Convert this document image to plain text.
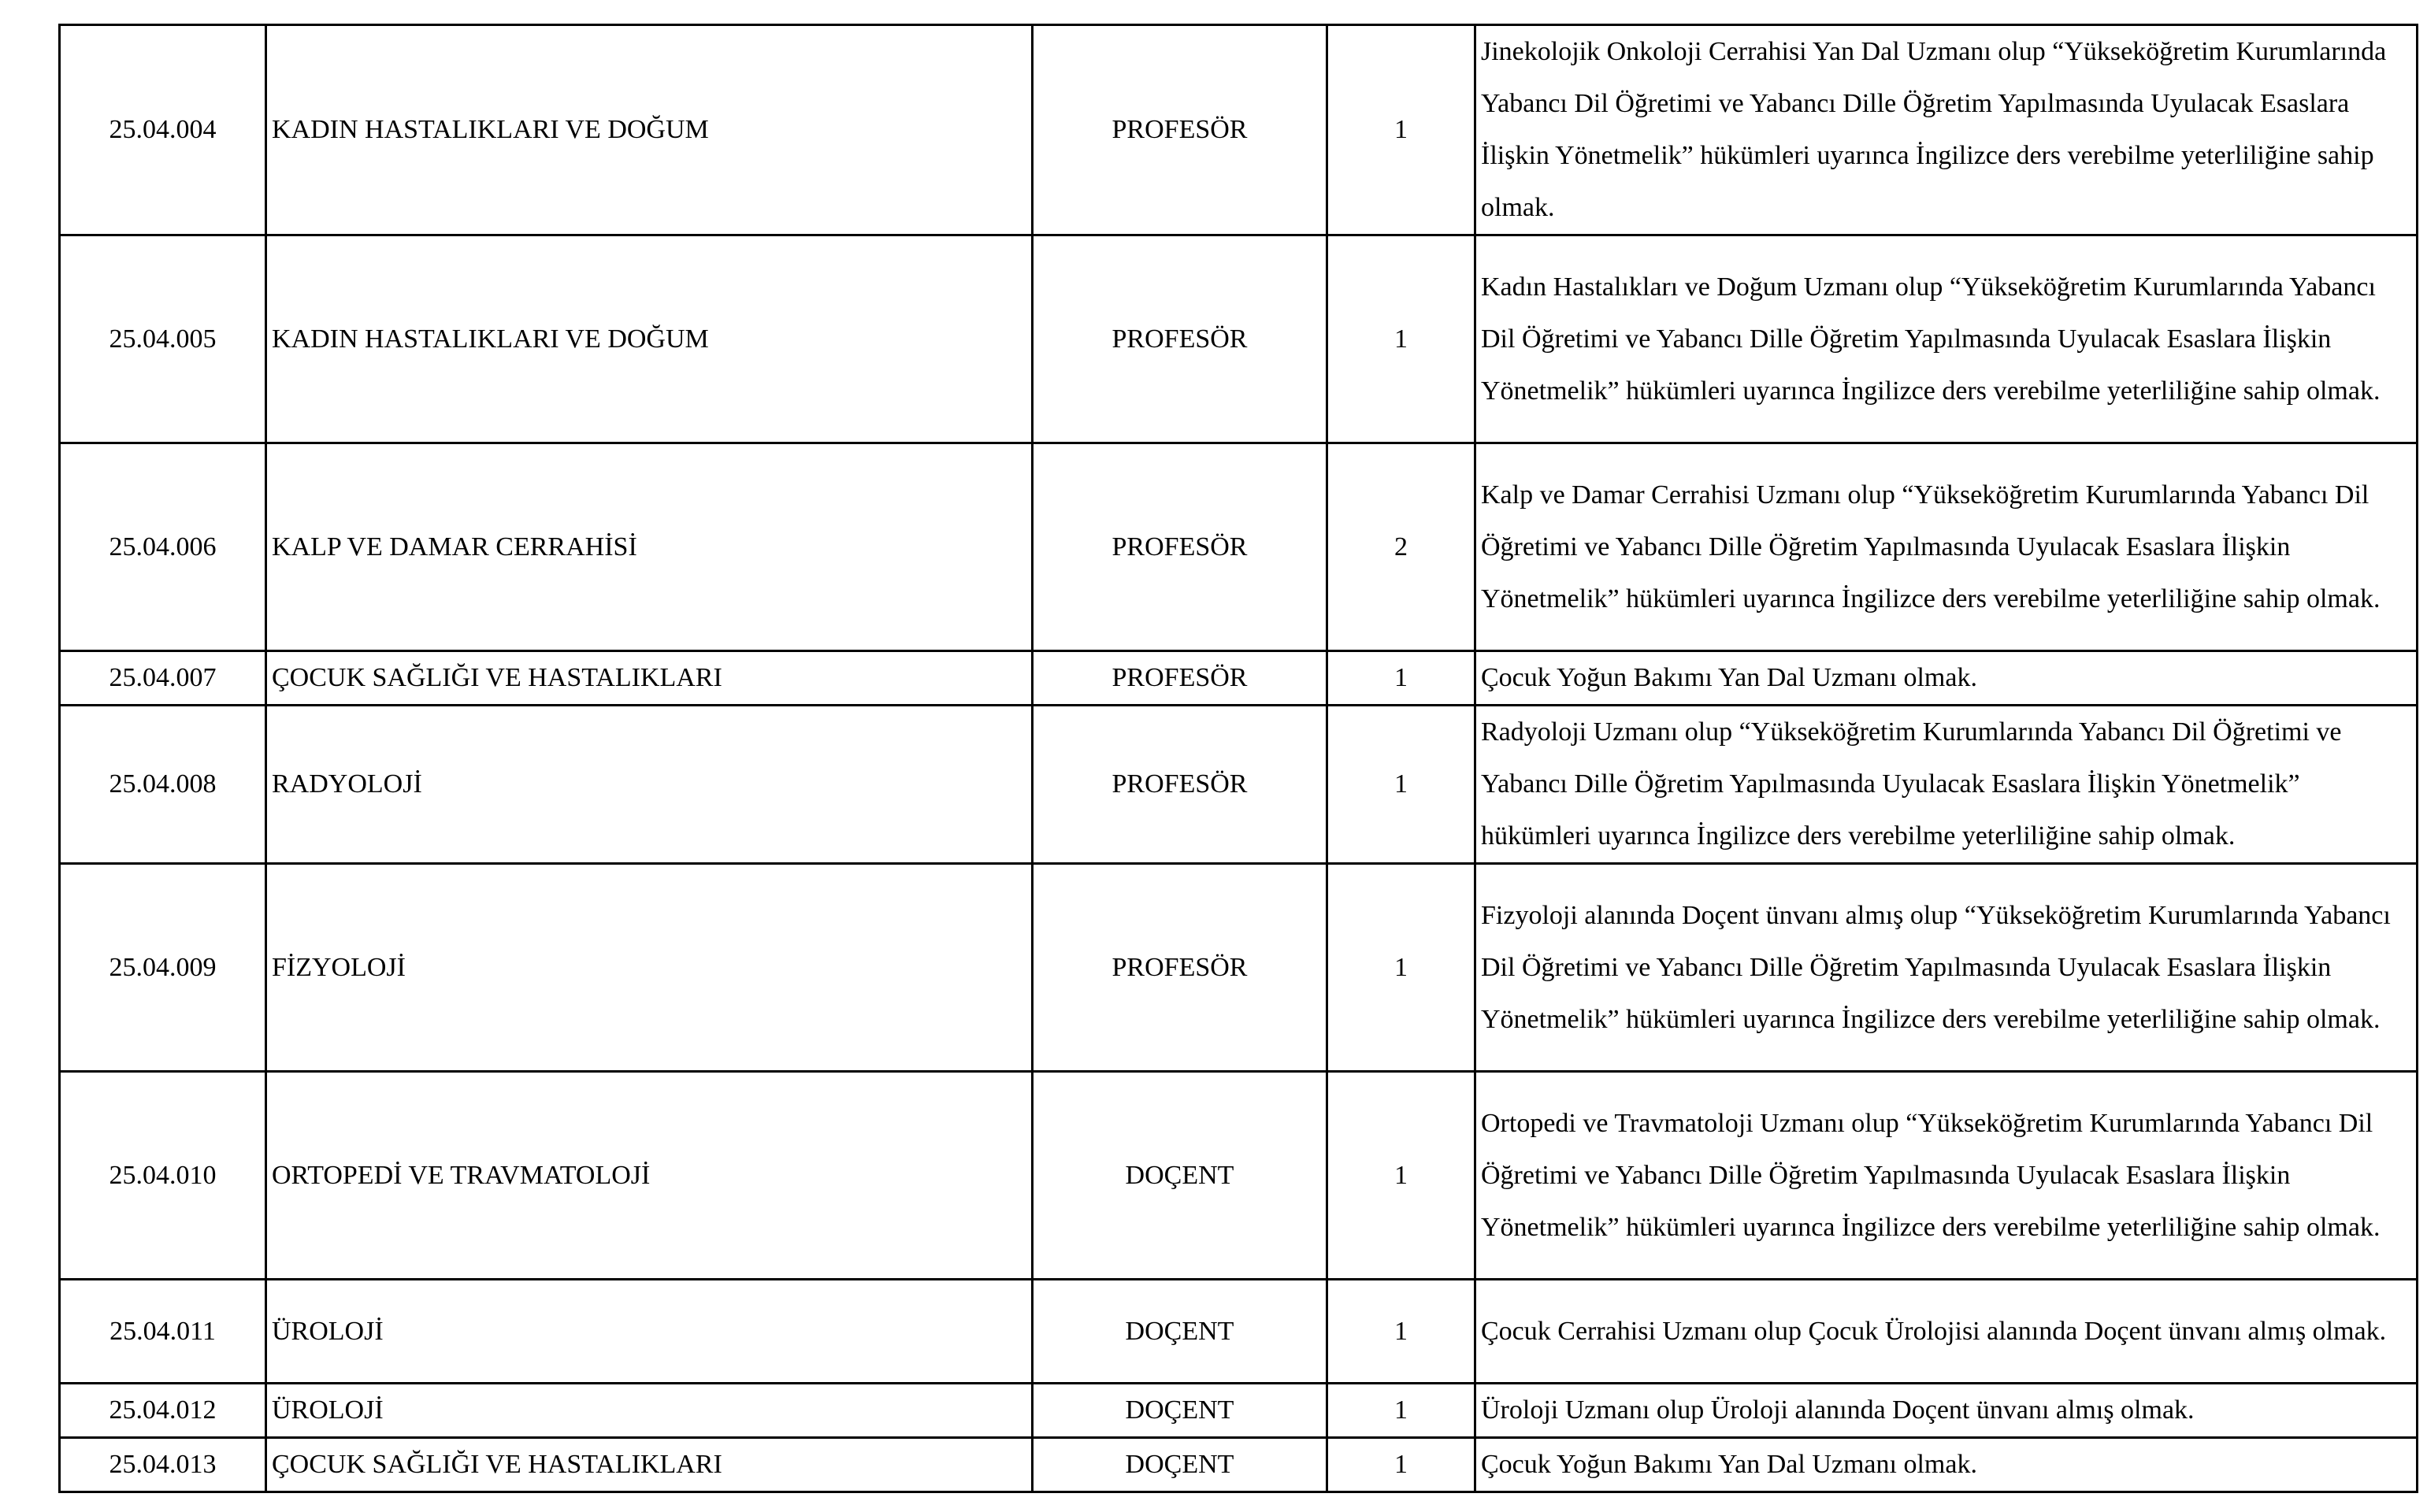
25.04.004	KADIN HASTALIKLARI VE DOĞUM	PROFESÖR	1	Jinekolojik Onkoloji Cerrahisi Yan Dal Uzmanı olup “Yükseköğretim Kurumlarında Yabancı Dil Öğretimi ve Yabancı Dille Öğretim Yapılmasında Uyulacak Esaslara İlişkin Yönetmelik” hükümleri uyarınca İngilizce ders verebilme yeterliliğine sahip olmak.
25.04.005	KADIN HASTALIKLARI VE DOĞUM	PROFESÖR	1	Kadın Hastalıkları ve Doğum Uzmanı olup “Yükseköğretim Kurumlarında Yabancı Dil Öğretimi ve Yabancı Dille Öğretim Yapılmasında Uyulacak Esaslara İlişkin Yönetmelik” hükümleri uyarınca İngilizce ders verebilme yeterliliğine sahip olmak.
25.04.006	KALP VE DAMAR CERRAHİSİ	PROFESÖR	2	Kalp ve Damar Cerrahisi Uzmanı olup “Yükseköğretim Kurumlarında Yabancı Dil Öğretimi ve Yabancı Dille Öğretim Yapılmasında Uyulacak Esaslara İlişkin Yönetmelik” hükümleri uyarınca İngilizce ders verebilme yeterliliğine sahip olmak.
25.04.007	ÇOCUK SAĞLIĞI VE HASTALIKLARI	PROFESÖR	1	Çocuk Yoğun Bakımı Yan Dal Uzmanı olmak.
25.04.008	RADYOLOJİ	PROFESÖR	1	Radyoloji Uzmanı olup “Yükseköğretim Kurumlarında Yabancı Dil Öğretimi ve Yabancı Dille Öğretim Yapılmasında Uyulacak Esaslara İlişkin Yönetmelik” hükümleri uyarınca İngilizce ders verebilme yeterliliğine sahip olmak.
25.04.009	FİZYOLOJİ	PROFESÖR	1	Fizyoloji alanında Doçent ünvanı almış olup “Yükseköğretim Kurumlarında Yabancı Dil Öğretimi ve Yabancı Dille Öğretim Yapılmasında Uyulacak Esaslara İlişkin Yönetmelik” hükümleri uyarınca İngilizce ders verebilme yeterliliğine sahip olmak.
25.04.010	ORTOPEDİ VE TRAVMATOLOJİ	DOÇENT	1	Ortopedi ve Travmatoloji Uzmanı olup “Yükseköğretim Kurumlarında Yabancı Dil Öğretimi ve Yabancı Dille Öğretim Yapılmasında Uyulacak Esaslara İlişkin Yönetmelik” hükümleri uyarınca İngilizce ders verebilme yeterliliğine sahip olmak.
25.04.011	ÜROLOJİ	DOÇENT	1	Çocuk Cerrahisi Uzmanı olup Çocuk Ürolojisi alanında Doçent ünvanı almış olmak.
25.04.012	ÜROLOJİ	DOÇENT	1	Üroloji Uzmanı olup Üroloji alanında Doçent ünvanı almış olmak.
25.04.013	ÇOCUK SAĞLIĞI VE HASTALIKLARI	DOÇENT	1	Çocuk Yoğun Bakımı Yan Dal Uzmanı olmak.
